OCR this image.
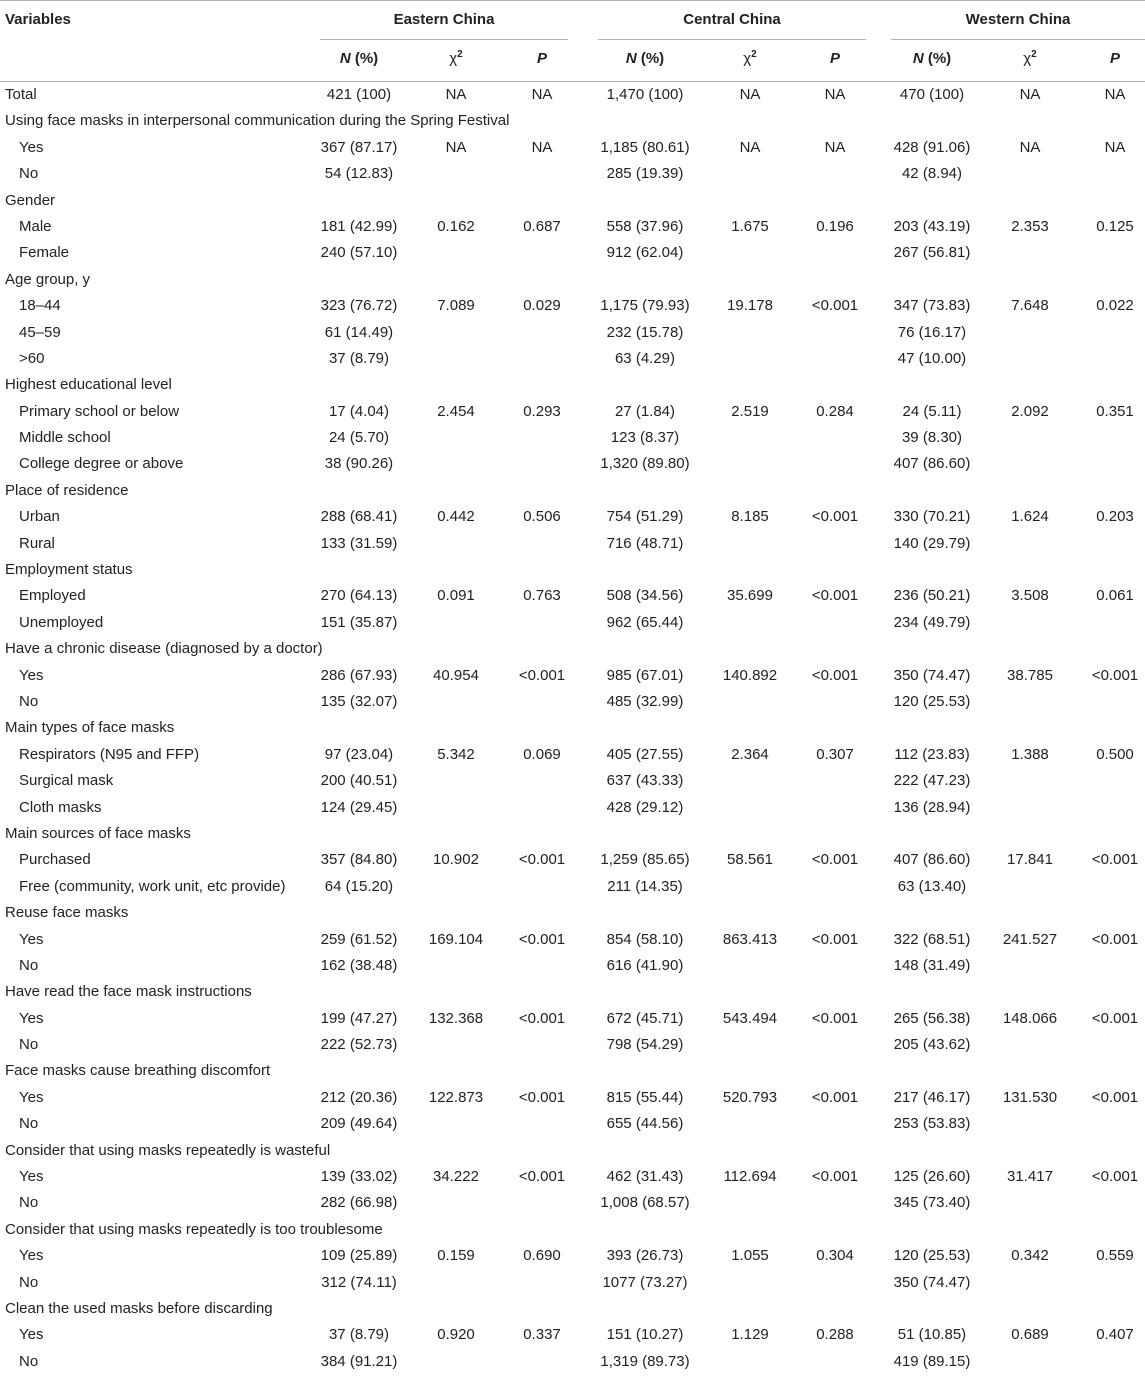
Variables	Eastern China	Central China	Western China
N (%)	$\chi^2$	P	N (%)	$\chi^2$	P	N (%)	$\chi^2$	P
Total	421 (100)	NA	NA	1,470 (100)	NA	NA	470 (100)	NA	NA
Using face masks in interpersonal communication during the Spring Festival
Yes	367 (87.17)	NA	NA	1,185 (80.61)	NA	NA	428 (91.06)	NA	NA
No	54 (12.83)	285 (19.39)	42 (8.94)
Gender
Male	181 (42.99)	0.162	0.687	558 (37.96)	1.675	0.196	203 (43.19)	2.353	0.125
Female	240 (57.10)	912 (62.04)	267 (56.81)
Age group, y
18–44	323 (76.72)	7.089	0.029	1,175 (79.93)	19.178	<0.001	347 (73.83)	7.648	0.022
45–59	61 (14.49)	232 (15.78)	76 (16.17)
>60	37 (8.79)	63 (4.29)	47 (10.00)
Highest educational level
Primary school or below	17 (4.04)	2.454	0.293	27 (1.84)	2.519	0.284	24 (5.11)	2.092	0.351
Middle school	24 (5.70)	123 (8.37)	39 (8.30)
College degree or above	38 (90.26)	1,320 (89.80)	407 (86.60)
Place of residence
Urban	288 (68.41)	0.442	0.506	754 (51.29)	8.185	<0.001	330 (70.21)	1.624	0.203
Rural	133 (31.59)	716 (48.71)	140 (29.79)
Employment status
Employed	270 (64.13)	0.091	0.763	508 (34.56)	35.699	<0.001	236 (50.21)	3.508	0.061
Unemployed	151 (35.87)	962 (65.44)	234 (49.79)
Have a chronic disease (diagnosed by a doctor)
Yes	286 (67.93)	40.954	<0.001	985 (67.01)	140.892	<0.001	350 (74.47)	38.785	<0.001
No	135 (32.07)	485 (32.99)	120 (25.53)
Main types of face masks
Respirators (N95 and FFP)	97 (23.04)	5.342	0.069	405 (27.55)	2.364	0.307	112 (23.83)	1.388	0.500
Surgical mask	200 (40.51)	637 (43.33)	222 (47.23)
Cloth masks	124 (29.45)	428 (29.12)	136 (28.94)
Main sources of face masks
Purchased	357 (84.80)	10.902	<0.001	1,259 (85.65)	58.561	<0.001	407 (86.60)	17.841	<0.001
Free (community, work unit, etc provide)	64 (15.20)	211 (14.35)	63 (13.40)
Reuse face masks
Yes	259 (61.52)	169.104	<0.001	854 (58.10)	863.413	<0.001	322 (68.51)	241.527	<0.001
No	162 (38.48)	616 (41.90)	148 (31.49)
Have read the face mask instructions
Yes	199 (47.27)	132.368	<0.001	672 (45.71)	543.494	<0.001	265 (56.38)	148.066	<0.001
No	222 (52.73)	798 (54.29)	205 (43.62)
Face masks cause breathing discomfort
Yes	212 (20.36)	122.873	<0.001	815 (55.44)	520.793	<0.001	217 (46.17)	131.530	<0.001
No	209 (49.64)	655 (44.56)	253 (53.83)
Consider that using masks repeatedly is wasteful
Yes	139 (33.02)	34.222	<0.001	462 (31.43)	112.694	<0.001	125 (26.60)	31.417	<0.001
No	282 (66.98)	1,008 (68.57)	345 (73.40)
Consider that using masks repeatedly is too troublesome
Yes	109 (25.89)	0.159	0.690	393 (26.73)	1.055	0.304	120 (25.53)	0.342	0.559
No	312 (74.11)	1077 (73.27)	350 (74.47)
Clean the used masks before discarding
Yes	37 (8.79)	0.920	0.337	151 (10.27)	1.129	0.288	51 (10.85)	0.689	0.407
No	384 (91.21)	1,319 (89.73)	419 (89.15)
